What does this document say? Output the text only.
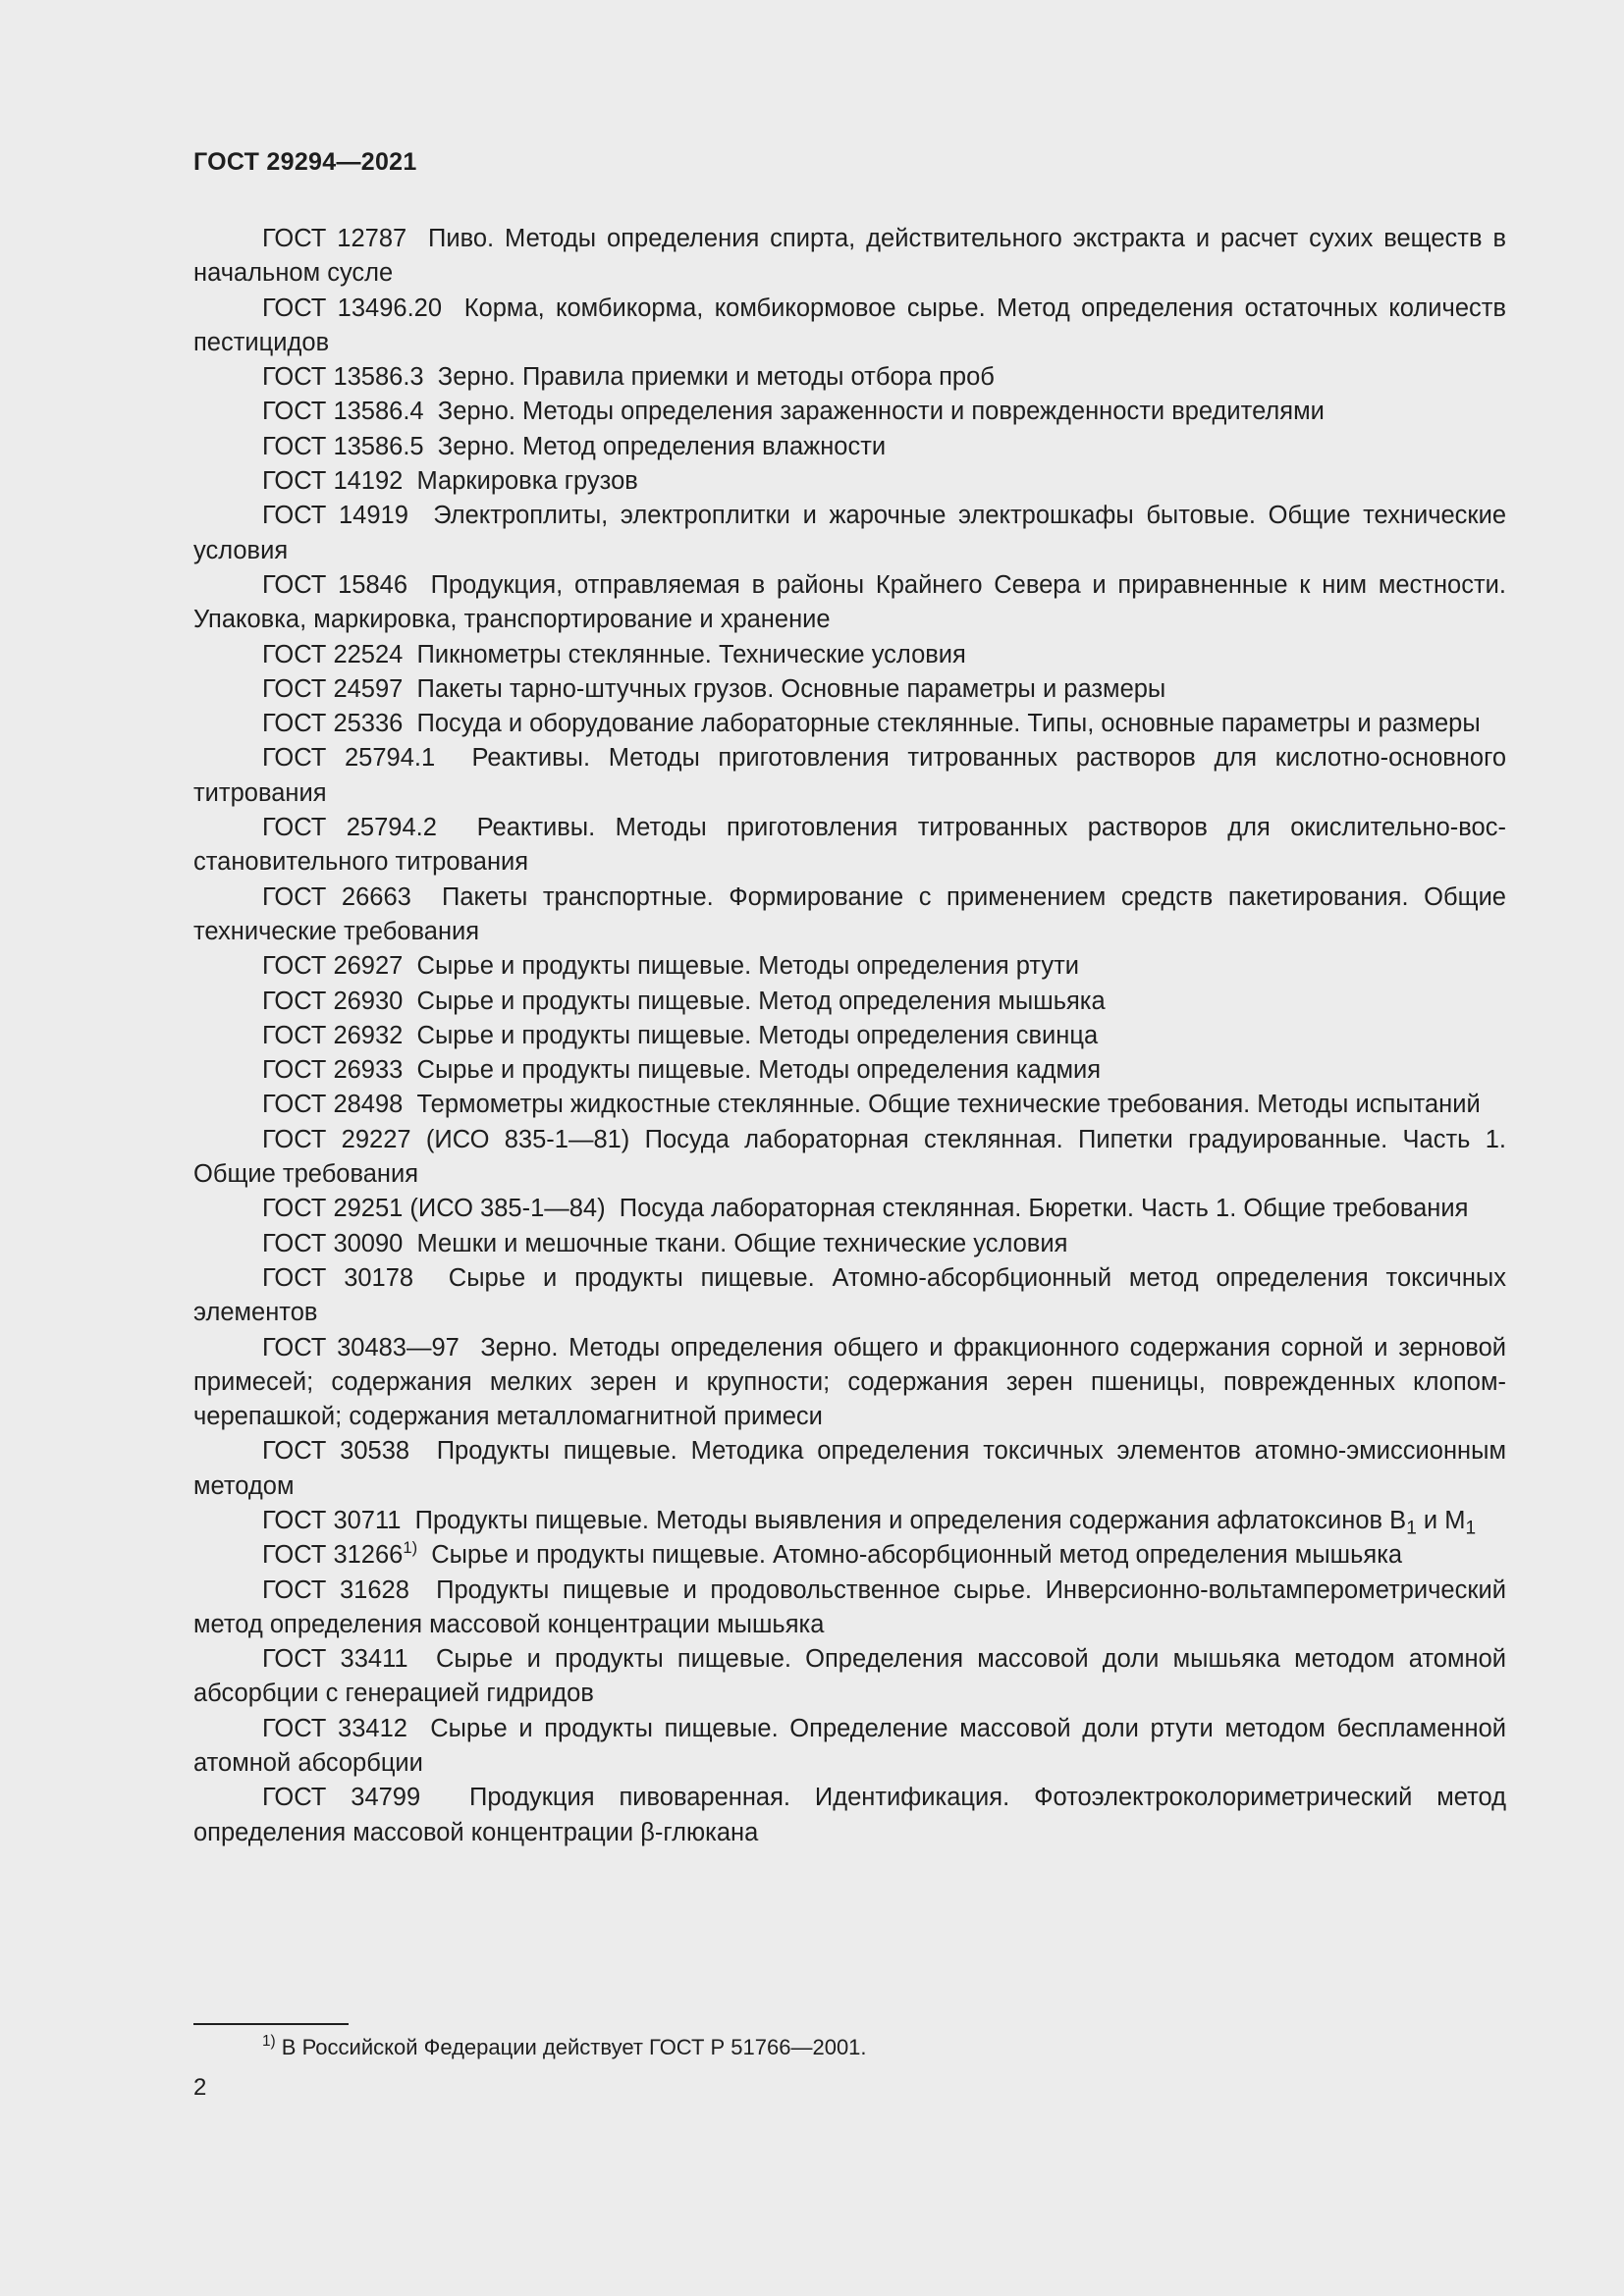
ГОСТ 29294—2021

ГОСТ 12787 Пиво. Методы определения спирта, действительного экстракта и расчет сухих веществ в начальном сусле

ГОСТ 13496.20 Корма, комбикорма, комбикормовое сырье. Метод определения остаточных количеств пестицидов

ГОСТ 13586.3 Зерно. Правила приемки и методы отбора проб

ГОСТ 13586.4 Зерно. Методы определения зараженности и поврежденности вредителями

ГОСТ 13586.5 Зерно. Метод определения влажности

ГОСТ 14192 Маркировка грузов

ГОСТ 14919 Электроплиты, электроплитки и жарочные электрошкафы бытовые. Общие технические условия

ГОСТ 15846 Продукция, отправляемая в районы Крайнего Севера и приравненные к ним местности. Упаковка, маркировка, транспортирование и хранение

ГОСТ 22524 Пикнометры стеклянные. Технические условия

ГОСТ 24597 Пакеты тарно-штучных грузов. Основные параметры и размеры

ГОСТ 25336 Посуда и оборудование лабораторные стеклянные. Типы, основные параметры и размеры

ГОСТ 25794.1 Реактивы. Методы приготовления титрованных растворов для кислотно-основного титрования

ГОСТ 25794.2 Реактивы. Методы приготовления титрованных растворов для окислительно-восстановительного титрования

ГОСТ 26663 Пакеты транспортные. Формирование с применением средств пакетирования. Общие технические требования

ГОСТ 26927 Сырье и продукты пищевые. Методы определения ртути

ГОСТ 26930 Сырье и продукты пищевые. Метод определения мышьяка

ГОСТ 26932 Сырье и продукты пищевые. Методы определения свинца

ГОСТ 26933 Сырье и продукты пищевые. Методы определения кадмия

ГОСТ 28498 Термометры жидкостные стеклянные. Общие технические требования. Методы испытаний

ГОСТ 29227 (ИСО 835-1—81) Посуда лабораторная стеклянная. Пипетки градуированные. Часть 1. Общие требования

ГОСТ 29251 (ИСО 385-1—84) Посуда лабораторная стеклянная. Бюретки. Часть 1. Общие требования

ГОСТ 30090 Мешки и мешочные ткани. Общие технические условия

ГОСТ 30178 Сырье и продукты пищевые. Атомно-абсорбционный метод определения токсичных элементов

ГОСТ 30483—97 Зерно. Методы определения общего и фракционного содержания сорной и зерновой примесей; содержания мелких зерен и крупности; содержания зерен пшеницы, поврежденных клопом-черепашкой; содержания металломагнитной примеси

ГОСТ 30538 Продукты пищевые. Методика определения токсичных элементов атомно-эмиссионным методом

ГОСТ 30711 Продукты пищевые. Методы выявления и определения содержания афлатоксинов $B_1$ и $M_1$

ГОСТ 31266$^{1)}$ Сырье и продукты пищевые. Атомно-абсорбционный метод определения мышьяка

ГОСТ 31628 Продукты пищевые и продовольственное сырье. Инверсионно-вольтамперометрический метод определения массовой концентрации мышьяка

ГОСТ 33411 Сырье и продукты пищевые. Определения массовой доли мышьяка методом атомной абсорбции с генерацией гидридов

ГОСТ 33412 Сырье и продукты пищевые. Определение массовой доли ртути методом беспламенной атомной абсорбции

ГОСТ 34799 Продукция пивоваренная. Идентификация. Фотоэлектроколориметрический метод определения массовой концентрации β-глюкана

$^{1)}$ В Российской Федерации действует ГОСТ Р 51766—2001.
2
